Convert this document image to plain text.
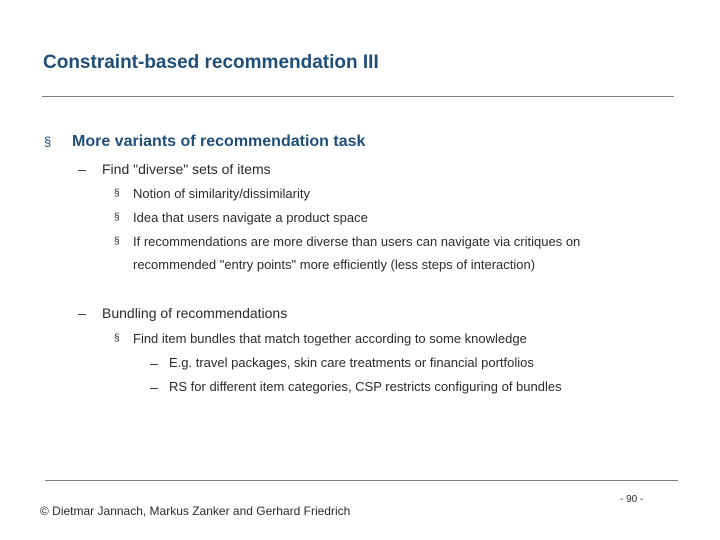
Constraint-based recommendation III
§ More variants of recommendation task
– Find "diverse" sets of items
§ Notion of similarity/dissimilarity
§ Idea that users navigate a product space
§ If recommendations are more diverse than users can navigate via critiques on
recommended "entry points" more efficiently (less steps of interaction)
– Bundling of recommendations
§ Find item bundles that match together according to some knowledge
– E.g. travel packages, skin care treatments or financial portfolios
– RS for different item categories, CSP restricts configuring of bundles
© Dietmar Jannach, Markus Zanker and Gerhard Friedrich
- 90 -
